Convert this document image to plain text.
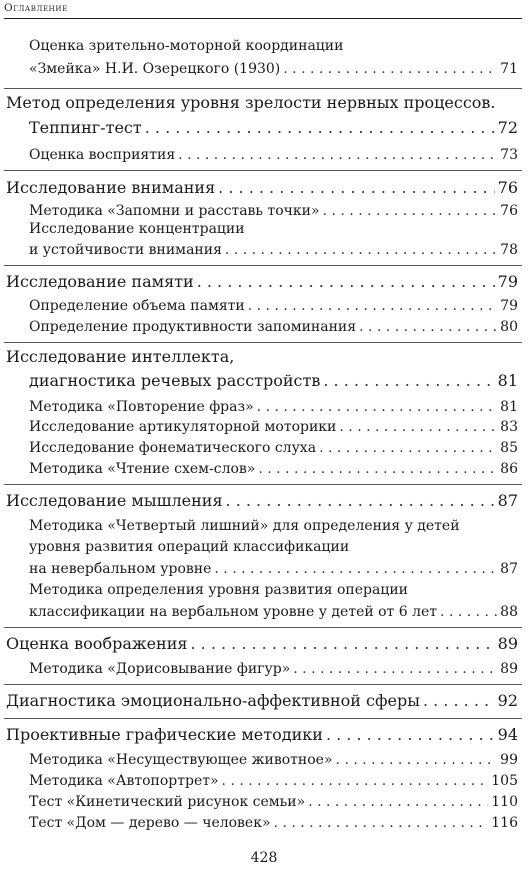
Оглавление
Оценка зрительно-моторной координации
«Змейка» Н.И. Озерецкого (1930) . . .	71
Метод определения уровня зрелости нервных процессов.
Теппинг-тест . . .	72
Оценка восприятия . . .	73
Исследование внимания . . .	76
Методика «Запомни и расставь точки» . . .	76
Исследование концентрации
и устойчивости внимания . . .	78
Исследование памяти . . .	79
Определение объема памяти . . .	79
Определение продуктивности запоминания . . .	80
Исследование интеллекта,
диагностика речевых расстройств . . .	81
Методика «Повторение фраз» . . .	81
Исследование артикуляторной моторики . . .	83
Исследование фонематического слуха . . .	85
Методика «Чтение схем-слов» . . .	86
Исследование мышления . . .	87
Методика «Четвертый лишний» для определения у детей
уровня развития операций классификации
на невербальном уровне . . .	87
Методика определения уровня развития операции
классификации на вербальном уровне у детей от 6 лет . . .	88
Оценка воображения . . .	89
Методика «Дорисовывание фигур» . . .	89
Диагностика эмоционально-аффективной сферы . . .	92
Проективные графические методики . . .	94
Методика «Несуществующее животное» . . .	99
Методика «Автопортрет» . . .	105
Тест «Кинетический рисунок семьи» . . .	110
Тест «Дом — дерево — человек» . . .	116
428
